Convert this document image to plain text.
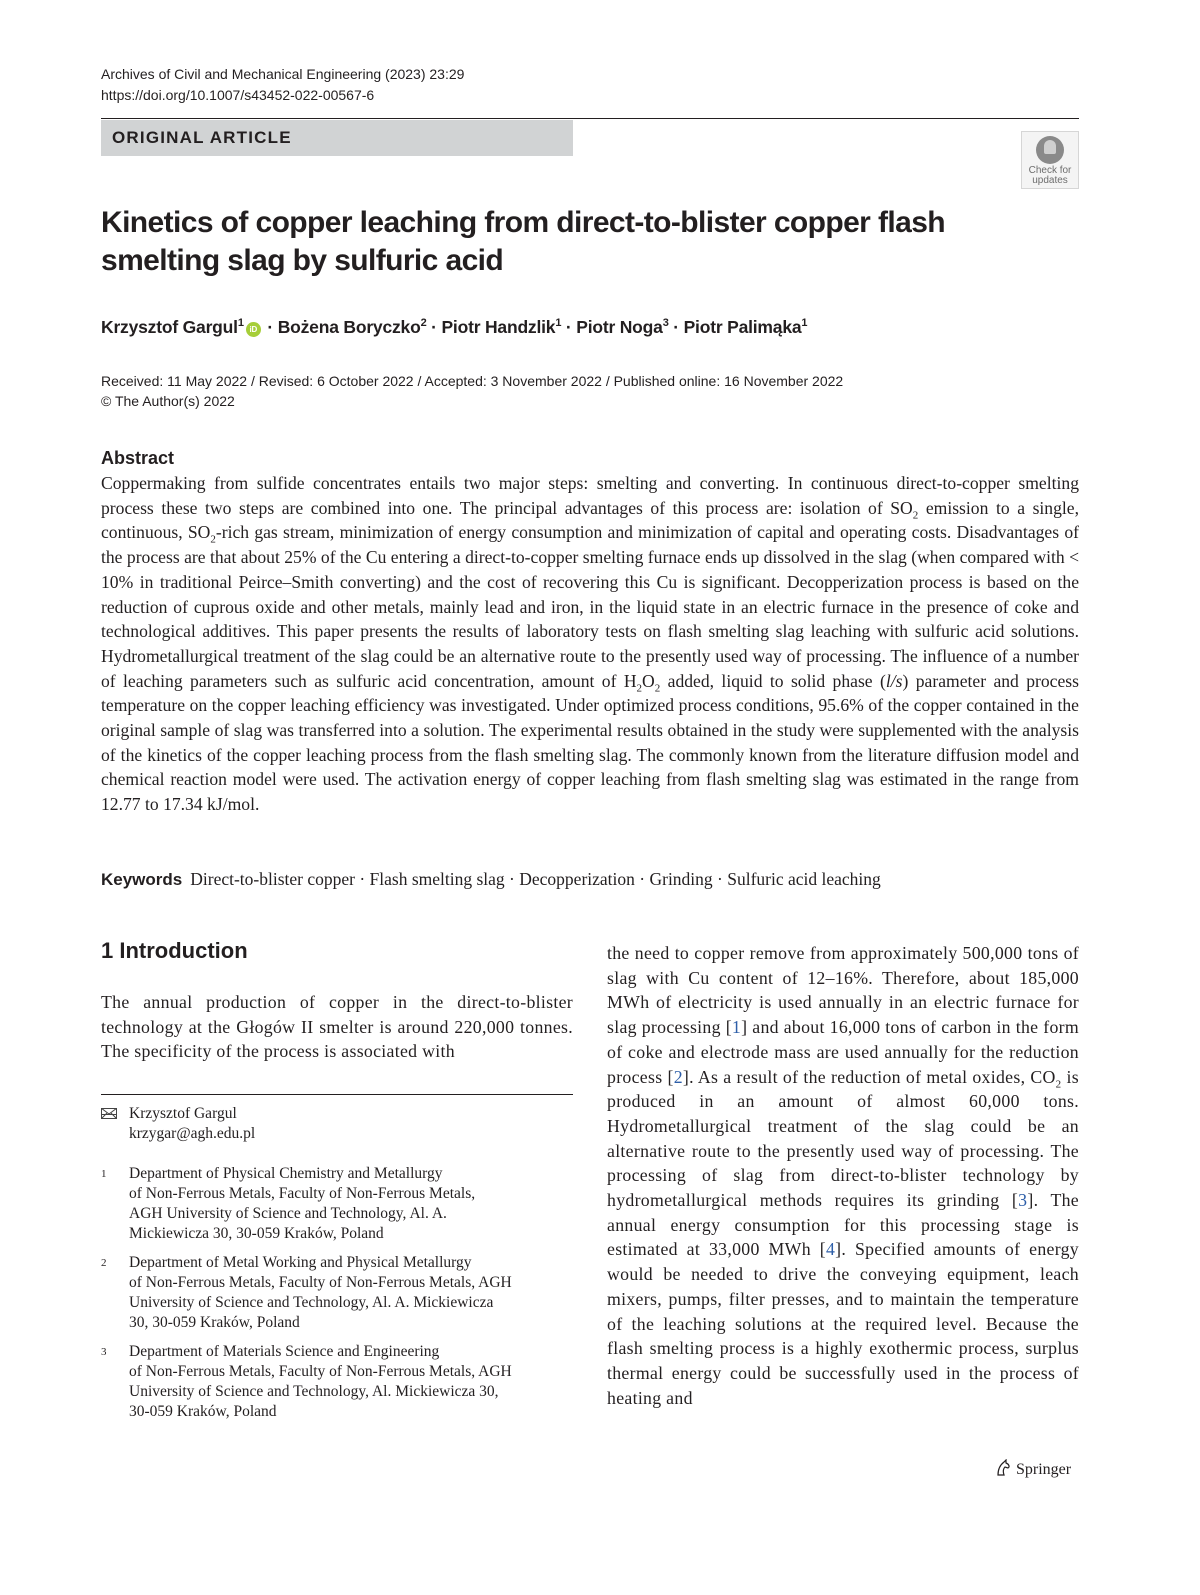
Archives of Civil and Mechanical Engineering (2023) 23:29
https://doi.org/10.1007/s43452-022-00567-6
ORIGINAL ARTICLE
Check for
updates
Kinetics of copper leaching from direct-to-blister copper flash
smelting slag by sulfuric acid
Krzysztof Gargul$^1$iD · Bożena Boryczko$^2$ · Piotr Handzlik$^1$ · Piotr Noga$^3$ · Piotr Palimąka$^1$
Received: 11 May 2022 / Revised: 6 October 2022 / Accepted: 3 November 2022 / Published online: 16 November 2022
© The Author(s) 2022
Abstract
Coppermaking from sulfide concentrates entails two major steps: smelting and converting. In continuous direct-to-copper smelting process these two steps are combined into one. The principal advantages of this process are: isolation of $SO_2$ emission to a single, continuous, $SO_2$-rich gas stream, minimization of energy consumption and minimization of capital and operating costs. Disadvantages of the process are that about 25% of the Cu entering a direct-to-copper smelting furnace ends up dissolved in the slag (when compared with < 10% in traditional Peirce–Smith converting) and the cost of recovering this Cu is significant. Decopperization process is based on the reduction of cuprous oxide and other metals, mainly lead and iron, in the liquid state in an electric furnace in the presence of coke and technological additives. This paper presents the results of laboratory tests on flash smelting slag leaching with sulfuric acid solutions. Hydrometallurgical treatment of the slag could be an alternative route to the presently used way of processing. The influence of a number of leaching parameters such as sulfuric acid concentration, amount of $H_2O_2$ added, liquid to solid phase (l/s) parameter and process temperature on the copper leaching efficiency was investigated. Under optimized process conditions, 95.6% of the copper contained in the original sample of slag was transferred into a solution. The experimental results obtained in the study were supplemented with the analysis of the kinetics of the copper leaching process from the flash smelting slag. The commonly known from the literature diffusion model and chemical reaction model were used. The activation energy of copper leaching from flash smelting slag was estimated in the range from 12.77 to 17.34 kJ/mol.
Keywords Direct-to-blister copper · Flash smelting slag · Decopperization · Grinding · Sulfuric acid leaching
1 Introduction
The annual production of copper in the direct-to-blister technology at the Głogów II smelter is around 220,000 tonnes. The specificity of the process is associated with
the need to copper remove from approximately 500,000 tons of slag with Cu content of 12–16%. Therefore, about 185,000 MWh of electricity is used annually in an electric furnace for slag processing [1] and about 16,000 tons of carbon in the form of coke and electrode mass are used annually for the reduction process [2]. As a result of the reduction of metal oxides, $CO_2$ is produced in an amount of almost 60,000 tons. Hydrometallurgical treatment of the slag could be an alternative route to the presently used way of processing. The processing of slag from direct-to-blister technology by hydrometallurgical methods requires its grinding [3]. The annual energy consumption for this processing stage is estimated at 33,000 MWh [4]. Specified amounts of energy would be needed to drive the conveying equipment, leach mixers, pumps, filter presses, and to maintain the temperature of the leaching solutions at the required level. Because the flash smelting process is a highly exothermic process, surplus thermal energy could be successfully used in the process of heating and
Krzysztof Gargul
krzygar@agh.edu.pl
1 Department of Physical Chemistry and Metallurgy
of Non-Ferrous Metals, Faculty of Non-Ferrous Metals,
AGH University of Science and Technology, Al. A.
Mickiewicza 30, 30-059 Kraków, Poland
2 Department of Metal Working and Physical Metallurgy
of Non-Ferrous Metals, Faculty of Non-Ferrous Metals, AGH
University of Science and Technology, Al. A. Mickiewicza
30, 30-059 Kraków, Poland
3 Department of Materials Science and Engineering
of Non-Ferrous Metals, Faculty of Non-Ferrous Metals, AGH
University of Science and Technology, Al. Mickiewicza 30,
30-059 Kraków, Poland
Springer
